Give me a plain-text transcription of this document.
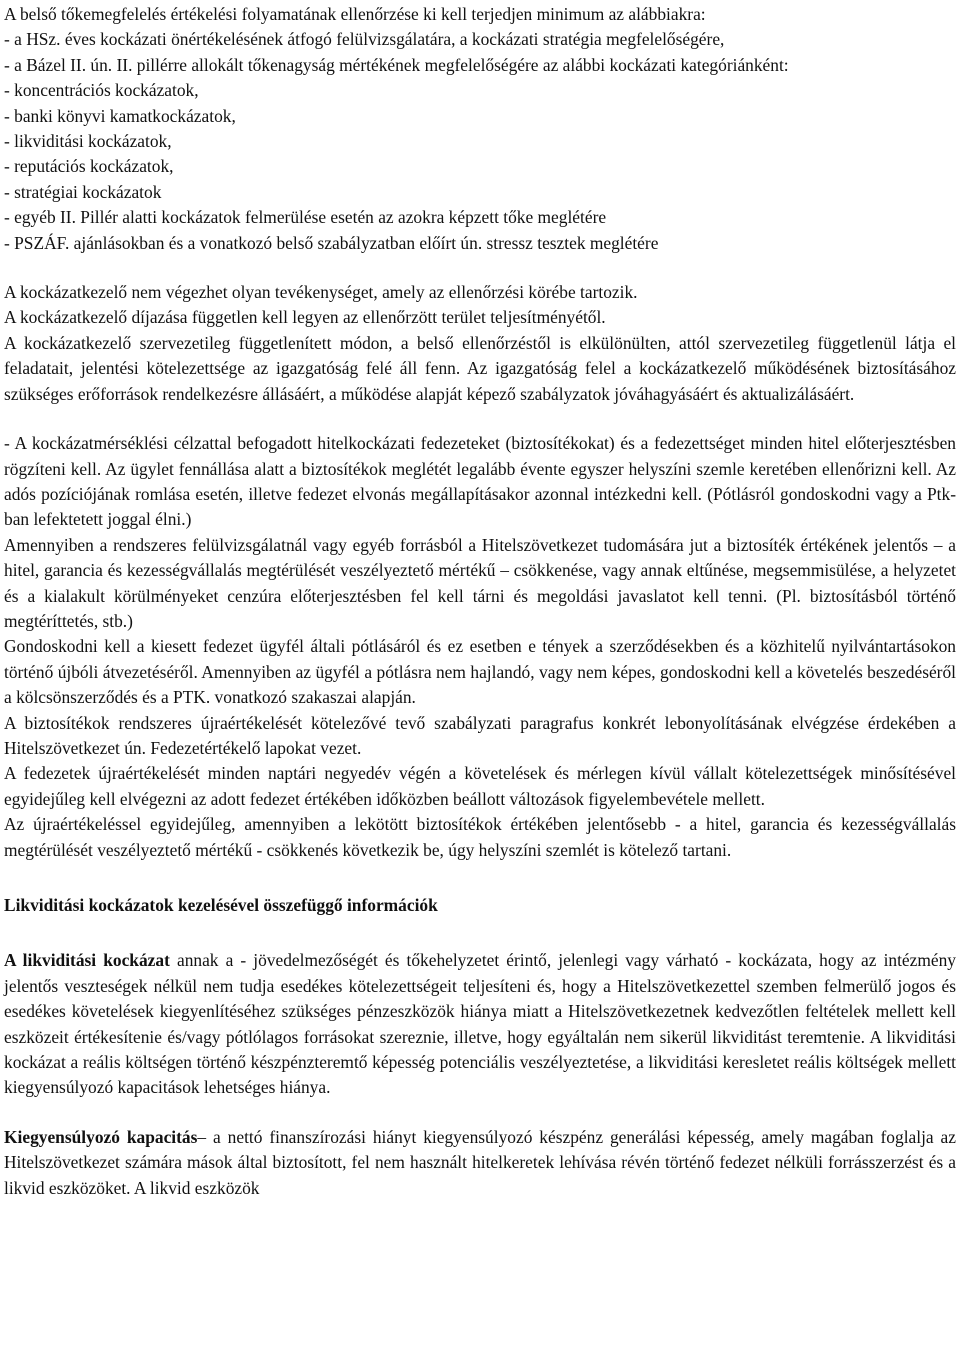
A belső tőkemegfelelés értékelési folyamatának ellenőrzése ki kell terjedjen minimum az alábbiakra:

- a HSz. éves kockázati önértékelésének átfogó felülvizsgálatára, a kockázati stratégia megfelelőségére,

- a Bázel II. ún. II. pillérre allokált tőkenagyság mértékének megfelelőségére az alábbi kockázati kategóriánként:

- koncentrációs kockázatok,

- banki könyvi kamatkockázatok,

- likviditási kockázatok,

- reputációs kockázatok,

- stratégiai kockázatok

- egyéb II. Pillér alatti kockázatok felmerülése esetén az azokra képzett tőke meglétére

- PSZÁF. ajánlásokban és a vonatkozó belső szabályzatban előírt ún. stressz tesztek meglétére

A kockázatkezelő nem végezhet olyan tevékenységet, amely az ellenőrzési körébe tartozik.

A kockázatkezelő díjazása független kell legyen az ellenőrzött terület teljesítményétől.

A kockázatkezelő szervezetileg függetlenített módon, a belső ellenőrzéstől is elkülönülten, attól szervezetileg függetlenül látja el feladatait, jelentési kötelezettsége az igazgatóság felé áll fenn. Az igazgatóság felel a kockázatkezelő működésének biztosításához szükséges erőforrások rendelkezésre állásáért, a működése alapját képező szabályzatok jóváhagyásáért és aktualizálásáért.

- A kockázatmérséklési célzattal befogadott hitelkockázati fedezeteket (biztosítékokat) és a fedezettséget minden hitel előterjesztésben rögzíteni kell. Az ügylet fennállása alatt a biztosítékok meglétét legalább évente egyszer helyszíni szemle keretében ellenőrizni kell. Az adós pozíciójának romlása esetén, illetve fedezet elvonás megállapításakor azonnal intézkedni kell. (Pótlásról gondoskodni vagy a Ptk-ban lefektetett joggal élni.)

Amennyiben a rendszeres felülvizsgálatnál vagy egyéb forrásból a Hitelszövetkezet tudomására jut a biztosíték értékének jelentős – a hitel, garancia és kezességvállalás megtérülését veszélyeztető mértékű – csökkenése, vagy annak eltűnése, megsemmisülése, a helyzetet és a kialakult körülményeket cenzúra előterjesztésben fel kell tárni és megoldási javaslatot kell tenni. (Pl. biztosításból történő megtéríttetés, stb.)

Gondoskodni kell a kiesett fedezet ügyfél általi pótlásáról és ez esetben e tények a szerződésekben és a közhitelű nyilvántartásokon történő újbóli átvezetéséről. Amennyiben az ügyfél a pótlásra nem hajlandó, vagy nem képes, gondoskodni kell a követelés beszedéséről a kölcsönszerződés és a PTK. vonatkozó szakaszai alapján.

A biztosítékok rendszeres újraértékelését kötelezővé tevő szabályzati paragrafus konkrét lebonyolításának elvégzése érdekében a Hitelszövetkezet ún. Fedezetértékelő lapokat vezet.

A fedezetek újraértékelését minden naptári negyedév végén a követelések és mérlegen kívül vállalt kötelezettségek minősítésével egyidejűleg kell elvégezni az adott fedezet értékében időközben beállott változások figyelembevétele mellett.

Az újraértékeléssel egyidejűleg, amennyiben a lekötött biztosítékok értékében jelentősebb - a hitel, garancia és kezességvállalás megtérülését veszélyeztető mértékű - csökkenés következik be, úgy helyszíni szemlét is kötelező tartani.

Likviditási kockázatok kezelésével összefüggő információk

A likviditási kockázat annak a - jövedelmezőségét és tőkehelyzetet érintő, jelenlegi vagy várható - kockázata, hogy az intézmény jelentős veszteségek nélkül nem tudja esedékes kötelezettségeit teljesíteni és, hogy a Hitelszövetkezettel szemben felmerülő jogos és esedékes követelések kiegyenlítéséhez szükséges pénzeszközök hiánya miatt a Hitelszövetkezetnek kedvezőtlen feltételek mellett kell eszközeit értékesítenie és/vagy pótlólagos forrásokat szereznie, illetve, hogy egyáltalán nem sikerül likviditást teremtenie. A likviditási kockázat a reális költségen történő készpénzteremtő képesség potenciális veszélyeztetése, a likviditási keresletet reális költségek mellett kiegyensúlyozó kapacitások lehetséges hiánya.

Kiegyensúlyozó kapacitás– a nettó finanszírozási hiányt kiegyensúlyozó készpénz generálási képesség, amely magában foglalja az Hitelszövetkezet számára mások által biztosított, fel nem használt hitelkeretek lehívása révén történő fedezet nélküli forrásszerzést és a likvid eszközöket. A likvid eszközök
